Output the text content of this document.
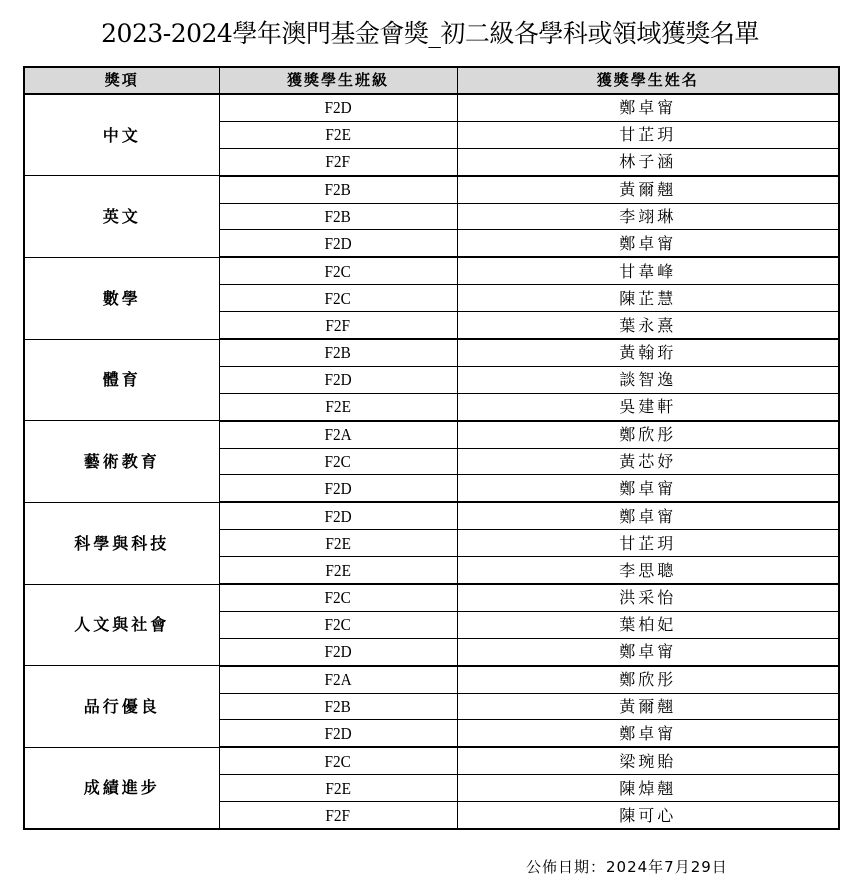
2023-2024學年澳門基金會獎_初二級各學科或領域獲獎名單
獎項	獲獎學生班級	獲獎學生姓名
中文	F2D	鄭卓甯
	F2E	甘芷玥
	F2F	林子涵
英文	F2B	黃爾翹
	F2B	李翊琳
	F2D	鄭卓甯
數學	F2C	甘韋峰
	F2C	陳芷慧
	F2F	葉永熹
體育	F2B	黃翰珩
	F2D	談智逸
	F2E	吳建軒
藝術教育	F2A	鄭欣彤
	F2C	黃芯妤
	F2D	鄭卓甯
科學與科技	F2D	鄭卓甯
	F2E	甘芷玥
	F2E	李思聰
人文與社會	F2C	洪采怡
	F2C	葉柏妃
	F2D	鄭卓甯
品行優良	F2A	鄭欣彤
	F2B	黃爾翹
	F2D	鄭卓甯
成績進步	F2C	梁琬貽
	F2E	陳焯翹
	F2F	陳可心
公佈日期：2024年7月29日
